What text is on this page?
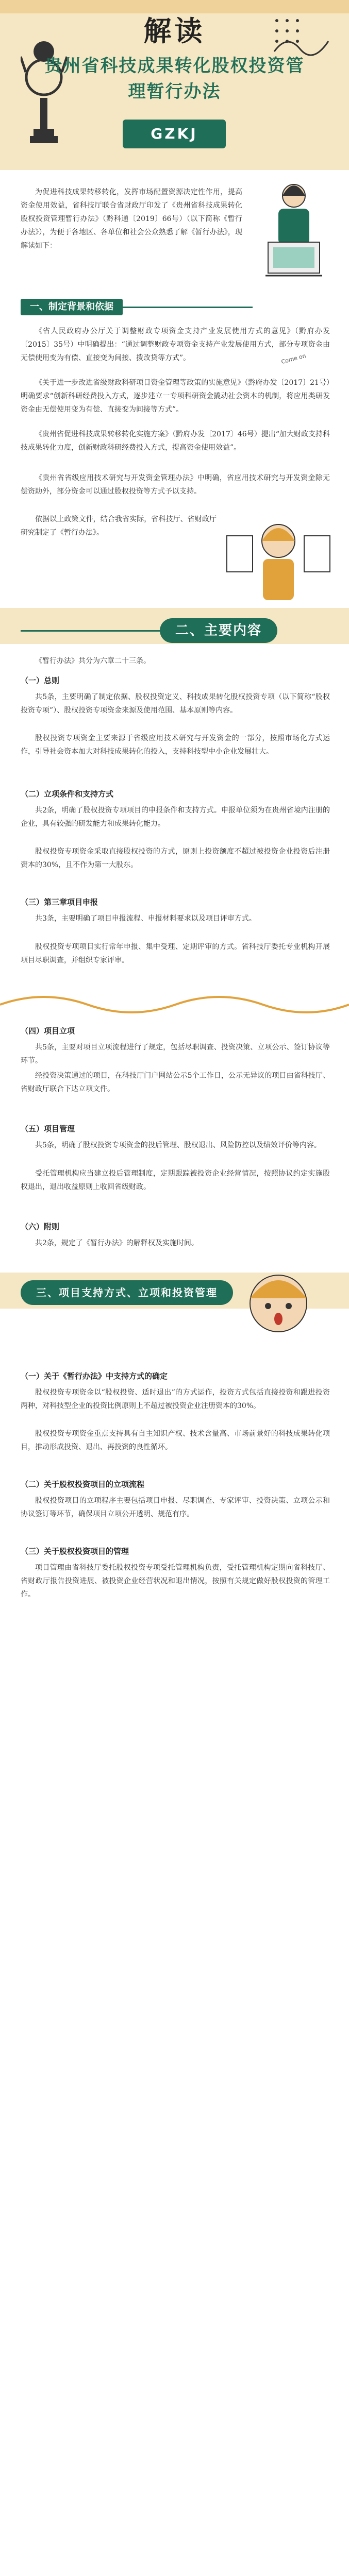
解读
贵州省科技成果转化股权投资管
理暂行办法
GZKJ
为促进科技成果转移转化，发挥市场配置资源决定性作用，提高资金使用效益，省科技厅联合省财政厅印发了《贵州省科技成果转化股权投资管理暂行办法》（黔科通〔2019〕66号）（以下简称《暂行办法》），为便于各地区、各单位和社会公众熟悉了解《暂行办法》，现解读如下：
Come on
一、制定背景和依据
《省人民政府办公厅关于调整财政专项资金支持产业发展使用方式的意见》（黔府办发〔2015〕35号）中明确提出：“通过调整财政专项资金支持产业发展使用方式，部分专项资金由无偿使用变为有偿、直接变为间接、拨改贷等方式”。
《关于进一步改进省级财政科研项目资金管理等政策的实施意见》（黔府办发〔2017〕21号）明确要求“创新科研经费投入方式，逐步建立一专项科研资金撬动社会资本的机制，将应用类研发资金由无偿使用变为有偿、直接变为间接等方式”。
《贵州省促进科技成果转移转化实施方案》（黔府办发〔2017〕46号）提出“加大财政支持科技成果转化力度，创新财政科研经费投入方式，提高资金使用效益”。
《贵州省省级应用技术研究与开发资金管理办法》中明确，省应用技术研究与开发资金除无偿资助外，部分资金可以通过股权投资等方式予以支持。
依据以上政策文件，结合我省实际，省科技厅、省财政厅研究制定了《暂行办法》。
二、主要内容
《暂行办法》共分为六章二十三条。
（一）总则
共5条，主要明确了制定依据、股权投资定义、科技成果转化股权投资专项（以下简称“股权投资专项”）、股权投资专项资金来源及使用范围、基本原则等内容。
股权投资专项资金主要来源于省级应用技术研究与开发资金的一部分，按照市场化方式运作，引导社会资本加大对科技成果转化的投入，支持科技型中小企业发展壮大。
（二）立项条件和支持方式
共2条，明确了股权投资专项项目的申报条件和支持方式。申报单位须为在贵州省境内注册的企业，具有较强的研发能力和成果转化能力。
股权投资专项资金采取直接股权投资的方式，原则上投资额度不超过被投资企业投资后注册资本的30%，且不作为第一大股东。
（三）第三章项目申报
共3条，主要明确了项目申报流程、申报材料要求以及项目评审方式。
股权投资专项项目实行常年申报、集中受理、定期评审的方式。省科技厅委托专业机构开展项目尽职调查，并组织专家评审。
（四）项目立项
共5条，主要对项目立项流程进行了规定，包括尽职调查、投资决策、立项公示、签订协议等环节。
经投资决策通过的项目，在科技厅门户网站公示5个工作日，公示无异议的项目由省科技厅、省财政厅联合下达立项文件。
（五）项目管理
共5条，明确了股权投资专项资金的投后管理、股权退出、风险防控以及绩效评价等内容。
受托管理机构应当建立投后管理制度，定期跟踪被投资企业经营情况，按照协议约定实施股权退出，退出收益原则上收回省级财政。
（六）附则
共2条，规定了《暂行办法》的解释权及实施时间。
三、项目支持方式、立项和投资管理
（一）关于《暂行办法》中支持方式的确定
股权投资专项资金以“股权投资、适时退出”的方式运作，投资方式包括直接投资和跟进投资两种，对科技型企业的投资比例原则上不超过被投资企业注册资本的30%。
股权投资专项资金重点支持具有自主知识产权、技术含量高、市场前景好的科技成果转化项目，推动形成投资、退出、再投资的良性循环。
（二）关于股权投资项目的立项流程
股权投资项目的立项程序主要包括项目申报、尽职调查、专家评审、投资决策、立项公示和协议签订等环节，确保项目立项公开透明、规范有序。
（三）关于股权投资项目的管理
项目管理由省科技厅委托股权投资专项受托管理机构负责，受托管理机构定期向省科技厅、省财政厅报告投资进展、被投资企业经营状况和退出情况，按照有关规定做好股权投资的管理工作。
